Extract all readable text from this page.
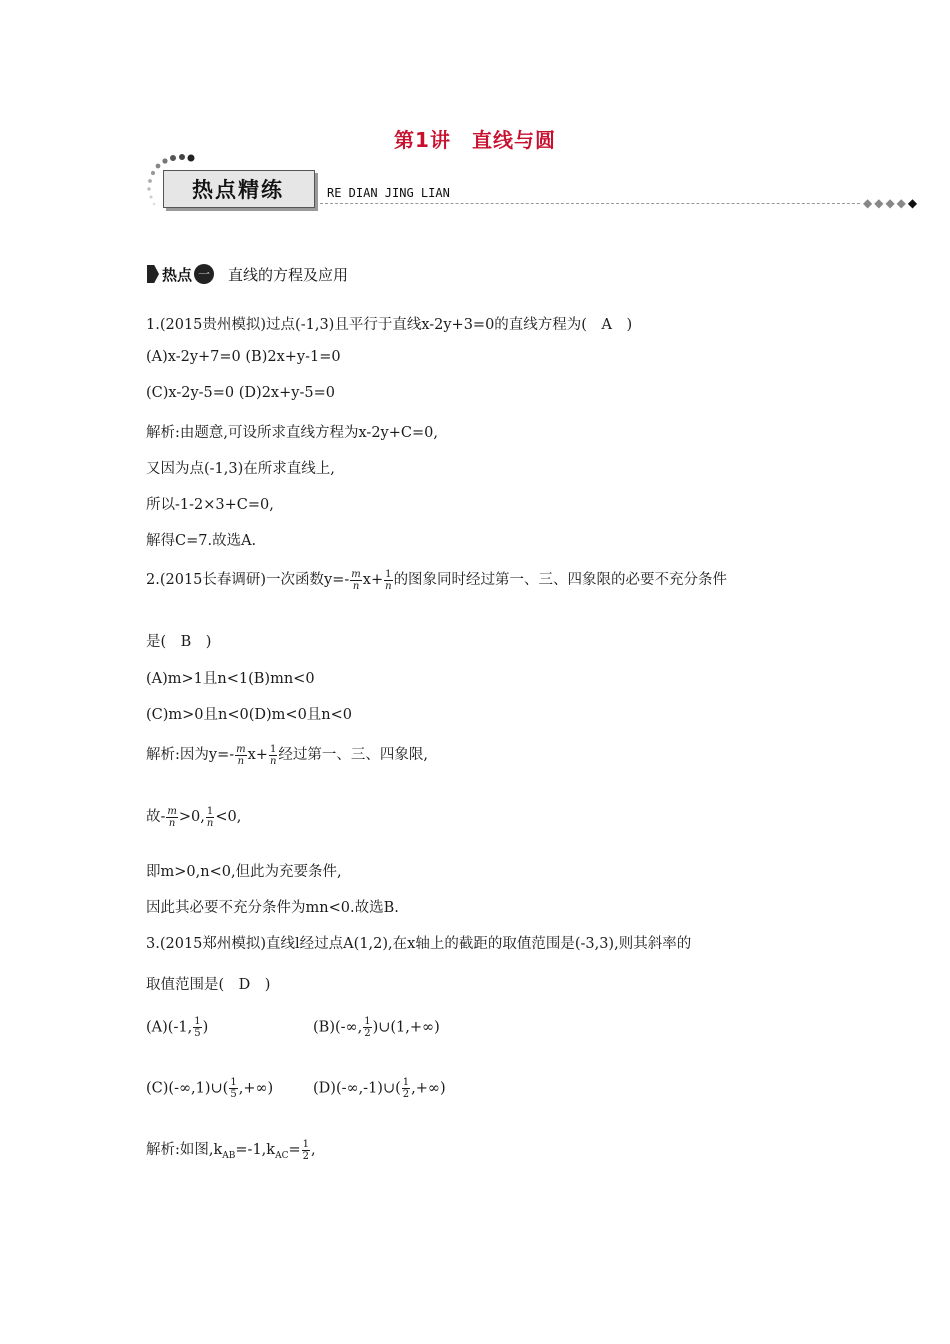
第1讲　直线与圆
热点精练	RE DIAN JING LIAN
◆◆◆◆◆
热点 一 直线的方程及应用
1.(2015贵州模拟)过点(-1,3)且平行于直线x-2y+3=0的直线方程为(　A　)
(A)x-2y+7=0 (B)2x+y-1=0
(C)x-2y-5=0 (D)2x+y-5=0
解析:由题意,可设所求直线方程为x-2y+C=0,
又因为点(-1,3)在所求直线上,
所以-1-2×3+C=0,
解得C=7.故选A.
2.(2015长春调研)一次函数$y=- \frac{m}{n} x+ \frac{1}{n}$ 的图象同时经过第一、三、四象限的必要不充分条件
是(　B　)
(A)m>1且n<1(B)mn<0
(C)m>0且n<0(D)m<0且n<0
解析:因为$y=- \frac{m}{n} x+ \frac{1}{n}$ 经过第一、三、四象限,
故- $\frac{m}{n} >0$, $\frac{1}{n} <0$,
即m>0,n<0,但此为充要条件,
因此其必要不充分条件为mn<0.故选B.
3.(2015郑州模拟)直线l经过点A(1,2),在x轴上的截距的取值范围是(-3,3),则其斜率的
取值范围是(　D　)
(A)(-1, $\frac{1}{5}$ )	(B)(-∞, $\frac{1}{2}$ )∪(1,+∞)
(C)(-∞,1)∪( $\frac{1}{5}$ ,+∞)	(D)(-∞,-1)∪( $\frac{1}{2}$ ,+∞)
解析:如图$,k_{AB}=-1,k_{AC}= \frac{1}{2}$ ,
